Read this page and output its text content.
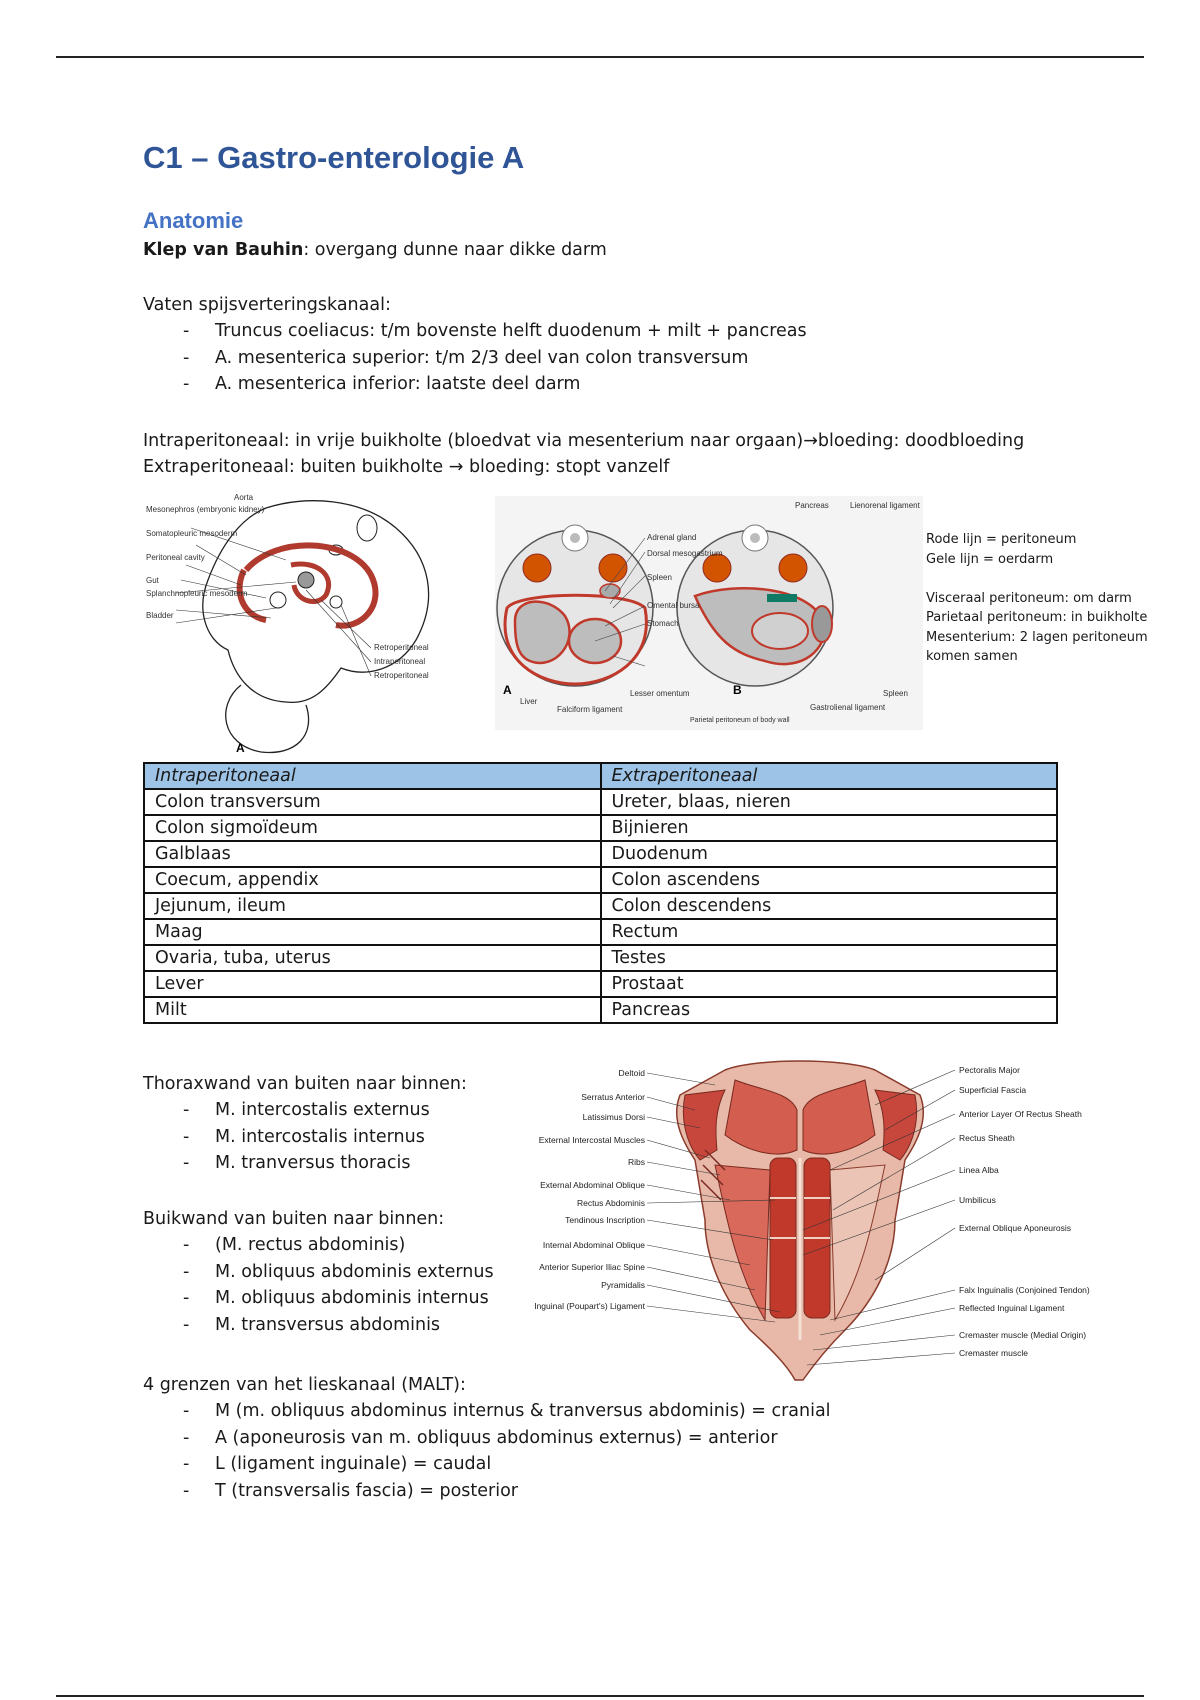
C1 – Gastro-enterologie A
Anatomie
Klep van Bauhin: overgang dunne naar dikke darm
Vaten spijsverteringskanaal:
- Truncus coeliacus: t/m bovenste helft duodenum + milt + pancreas
- A. mesenterica superior: t/m 2/3 deel van colon transversum
- A. mesenterica inferior: laatste deel darm
Intraperitoneaal: in vrije buikholte (bloedvat via mesenterium naar orgaan)→bloeding: doodbloeding
Extraperitoneaal: buiten buikholte → bloeding: stopt vanzelf
Aorta
Mesonephros (embryonic kidney)
Somatopleuric mesoderm
Peritoneal cavity
Gut
Splanchnopleuric mesoderm
Bladder
Retroperitoneal
Intraperitoneal
Retroperitoneal
A
Adrenal gland
Dorsal mesogastrium
Spleen
Omental bursa
Stomach
Lesser omentum
Liver
Falciform ligament
A
Pancreas	Lienorenal ligament
B
Parietal peritoneum of body wall
Spleen
Gastrolienal ligament
Rode lijn = peritoneum
Gele lijn = oerdarm
Visceraal peritoneum: om darm
Parietaal peritoneum: in buikholte
Mesenterium: 2 lagen peritoneum
komen samen
Intraperitoneaal	Extraperitoneaal
Colon transversum	Ureter, blaas, nieren
Colon sigmoïdeum	Bijnieren
Galblaas	Duodenum
Coecum, appendix	Colon ascendens
Jejunum, ileum	Colon descendens
Maag	Rectum
Ovaria, tuba, uterus	Testes
Lever	Prostaat
Milt	Pancreas
Thoraxwand van buiten naar binnen:
- M. intercostalis externus
- M. intercostalis internus
- M. tranversus thoracis
Buikwand van buiten naar binnen:
- (M. rectus abdominis)
- M. obliquus abdominis externus
- M. obliquus abdominis internus
- M. transversus abdominis
Deltoid
Serratus Anterior
Latissimus Dorsi
External Intercostal Muscles
Ribs
External Abdominal Oblique
Rectus Abdominis
Tendinous Inscription
Internal Abdominal Oblique
Anterior Superior Iliac Spine
Pyramidalis
Inguinal (Poupart's) Ligament
Pectoralis Major
Superficial Fascia
Anterior Layer Of Rectus Sheath
Rectus Sheath
Linea Alba
Umbilicus
External Oblique Aponeurosis
Falx Inguinalis (Conjoined Tendon)
Reflected Inguinal Ligament
Cremaster muscle (Medial Origin)
Cremaster muscle
4 grenzen van het lieskanaal (MALT):
- M (m. obliquus abdominus internus & tranversus abdominis) = cranial
- A (aponeurosis van m. obliquus abdominus externus) = anterior
- L (ligament inguinale) = caudal
- T (transversalis fascia) = posterior
